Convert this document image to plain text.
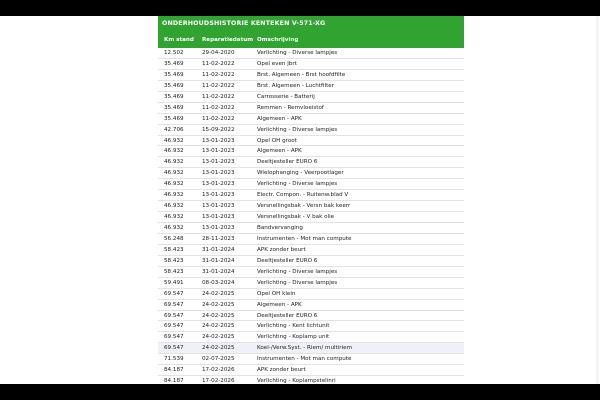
ONDERHOUDSHISTORIE KENTEKEN V-571-XG
Km stand Reparatiedatum Omschrijving
12.502	29-04-2020	Verlichting - Diverse lampjes
35.469	11-02-2022	Opel even jbrt
35.469	11-02-2022	Brst. Algemeen - Brst hoofdfilte
35.469	11-02-2022	Brst. Algemeen - Luchtfilter
35.469	11-02-2022	Carrosserie - Batterij
35.469	11-02-2022	Remmen - Remvloeistof
35.469	11-02-2022	Algemeen - APK
42.706	15-09-2022	Verlichting - Diverse lampjes
46.932	13-01-2023	Opel OH groot
46.932	13-01-2023	Algemeen - APK
46.932	13-01-2023	Deeltjesteller EURO 6
46.932	13-01-2023	Wielophanging - Veerpootlager
46.932	13-01-2023	Verlichting - Diverse lampjes
46.932	13-01-2023	Electr. Compon. - Ruitenw.blad V
46.932	13-01-2023	Versnellingsbak - Versn bak keerr
46.932	13-01-2023	Versnellingsbak - V bak olie
46.932	13-01-2023	Bandvervanging
56.248	28-11-2023	Instrumenten - Mot man compute
58.423	31-01-2024	APK zonder beurt
58.423	31-01-2024	Deeltjesteller EURO 6
58.423	31-01-2024	Verlichting - Diverse lampjes
59.491	08-03-2024	Verlichting - Diverse lampjes
69.547	24-02-2025	Opel OH klein
69.547	24-02-2025	Algemeen - APK
69.547	24-02-2025	Deeltjesteller EURO 6
69.547	24-02-2025	Verlichting - Kent lichtunit
69.547	24-02-2025	Verlichting - Koplamp unit
69.547	24-02-2025	Koel-/Verw.Syst. - Riem/ multiriem
71.539	02-07-2025	Instrumenten - Mot man compute
84.187	17-02-2026	APK zonder beurt
84.187	17-02-2026	Verlichting - Koplampstelinri
